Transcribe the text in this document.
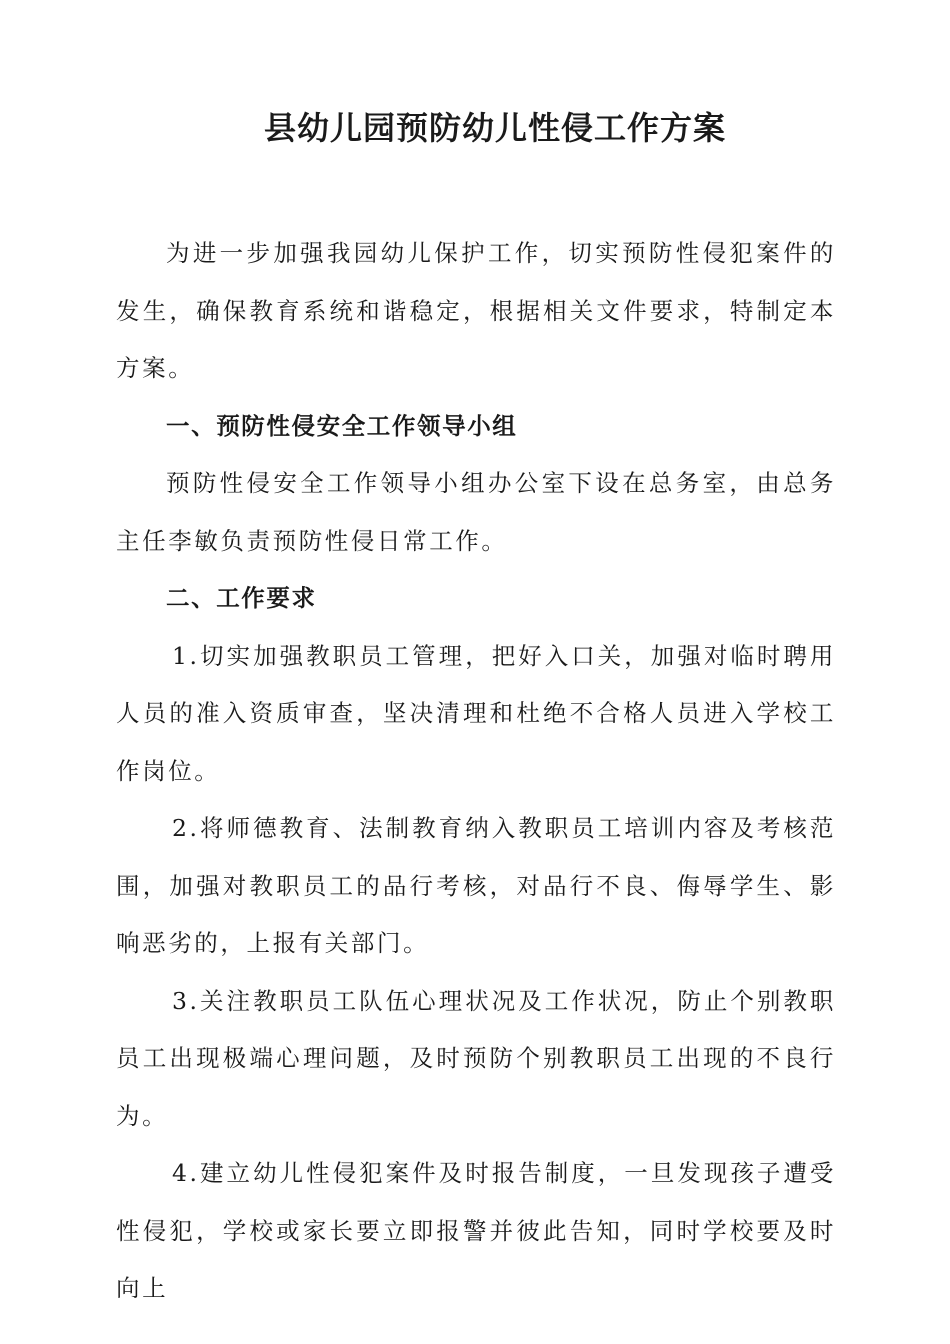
县幼儿园预防幼儿性侵工作方案

为进一步加强我园幼儿保护工作，切实预防性侵犯案件的发生，确保教育系统和谐稳定，根据相关文件要求，特制定本方案。

一、预防性侵安全工作领导小组

预防性侵安全工作领导小组办公室下设在总务室，由总务主任李敏负责预防性侵日常工作。

二、工作要求

1.切实加强教职员工管理，把好入口关，加强对临时聘用人员的准入资质审查，坚决清理和杜绝不合格人员进入学校工作岗位。

2.将师德教育、法制教育纳入教职员工培训内容及考核范围，加强对教职员工的品行考核，对品行不良、侮辱学生、影响恶劣的，上报有关部门。

3.关注教职员工队伍心理状况及工作状况，防止个别教职员工出现极端心理问题，及时预防个别教职员工出现的不良行为。

4.建立幼儿性侵犯案件及时报告制度，一旦发现孩子遭受性侵犯，学校或家长要立即报警并彼此告知，同时学校要及时向上
